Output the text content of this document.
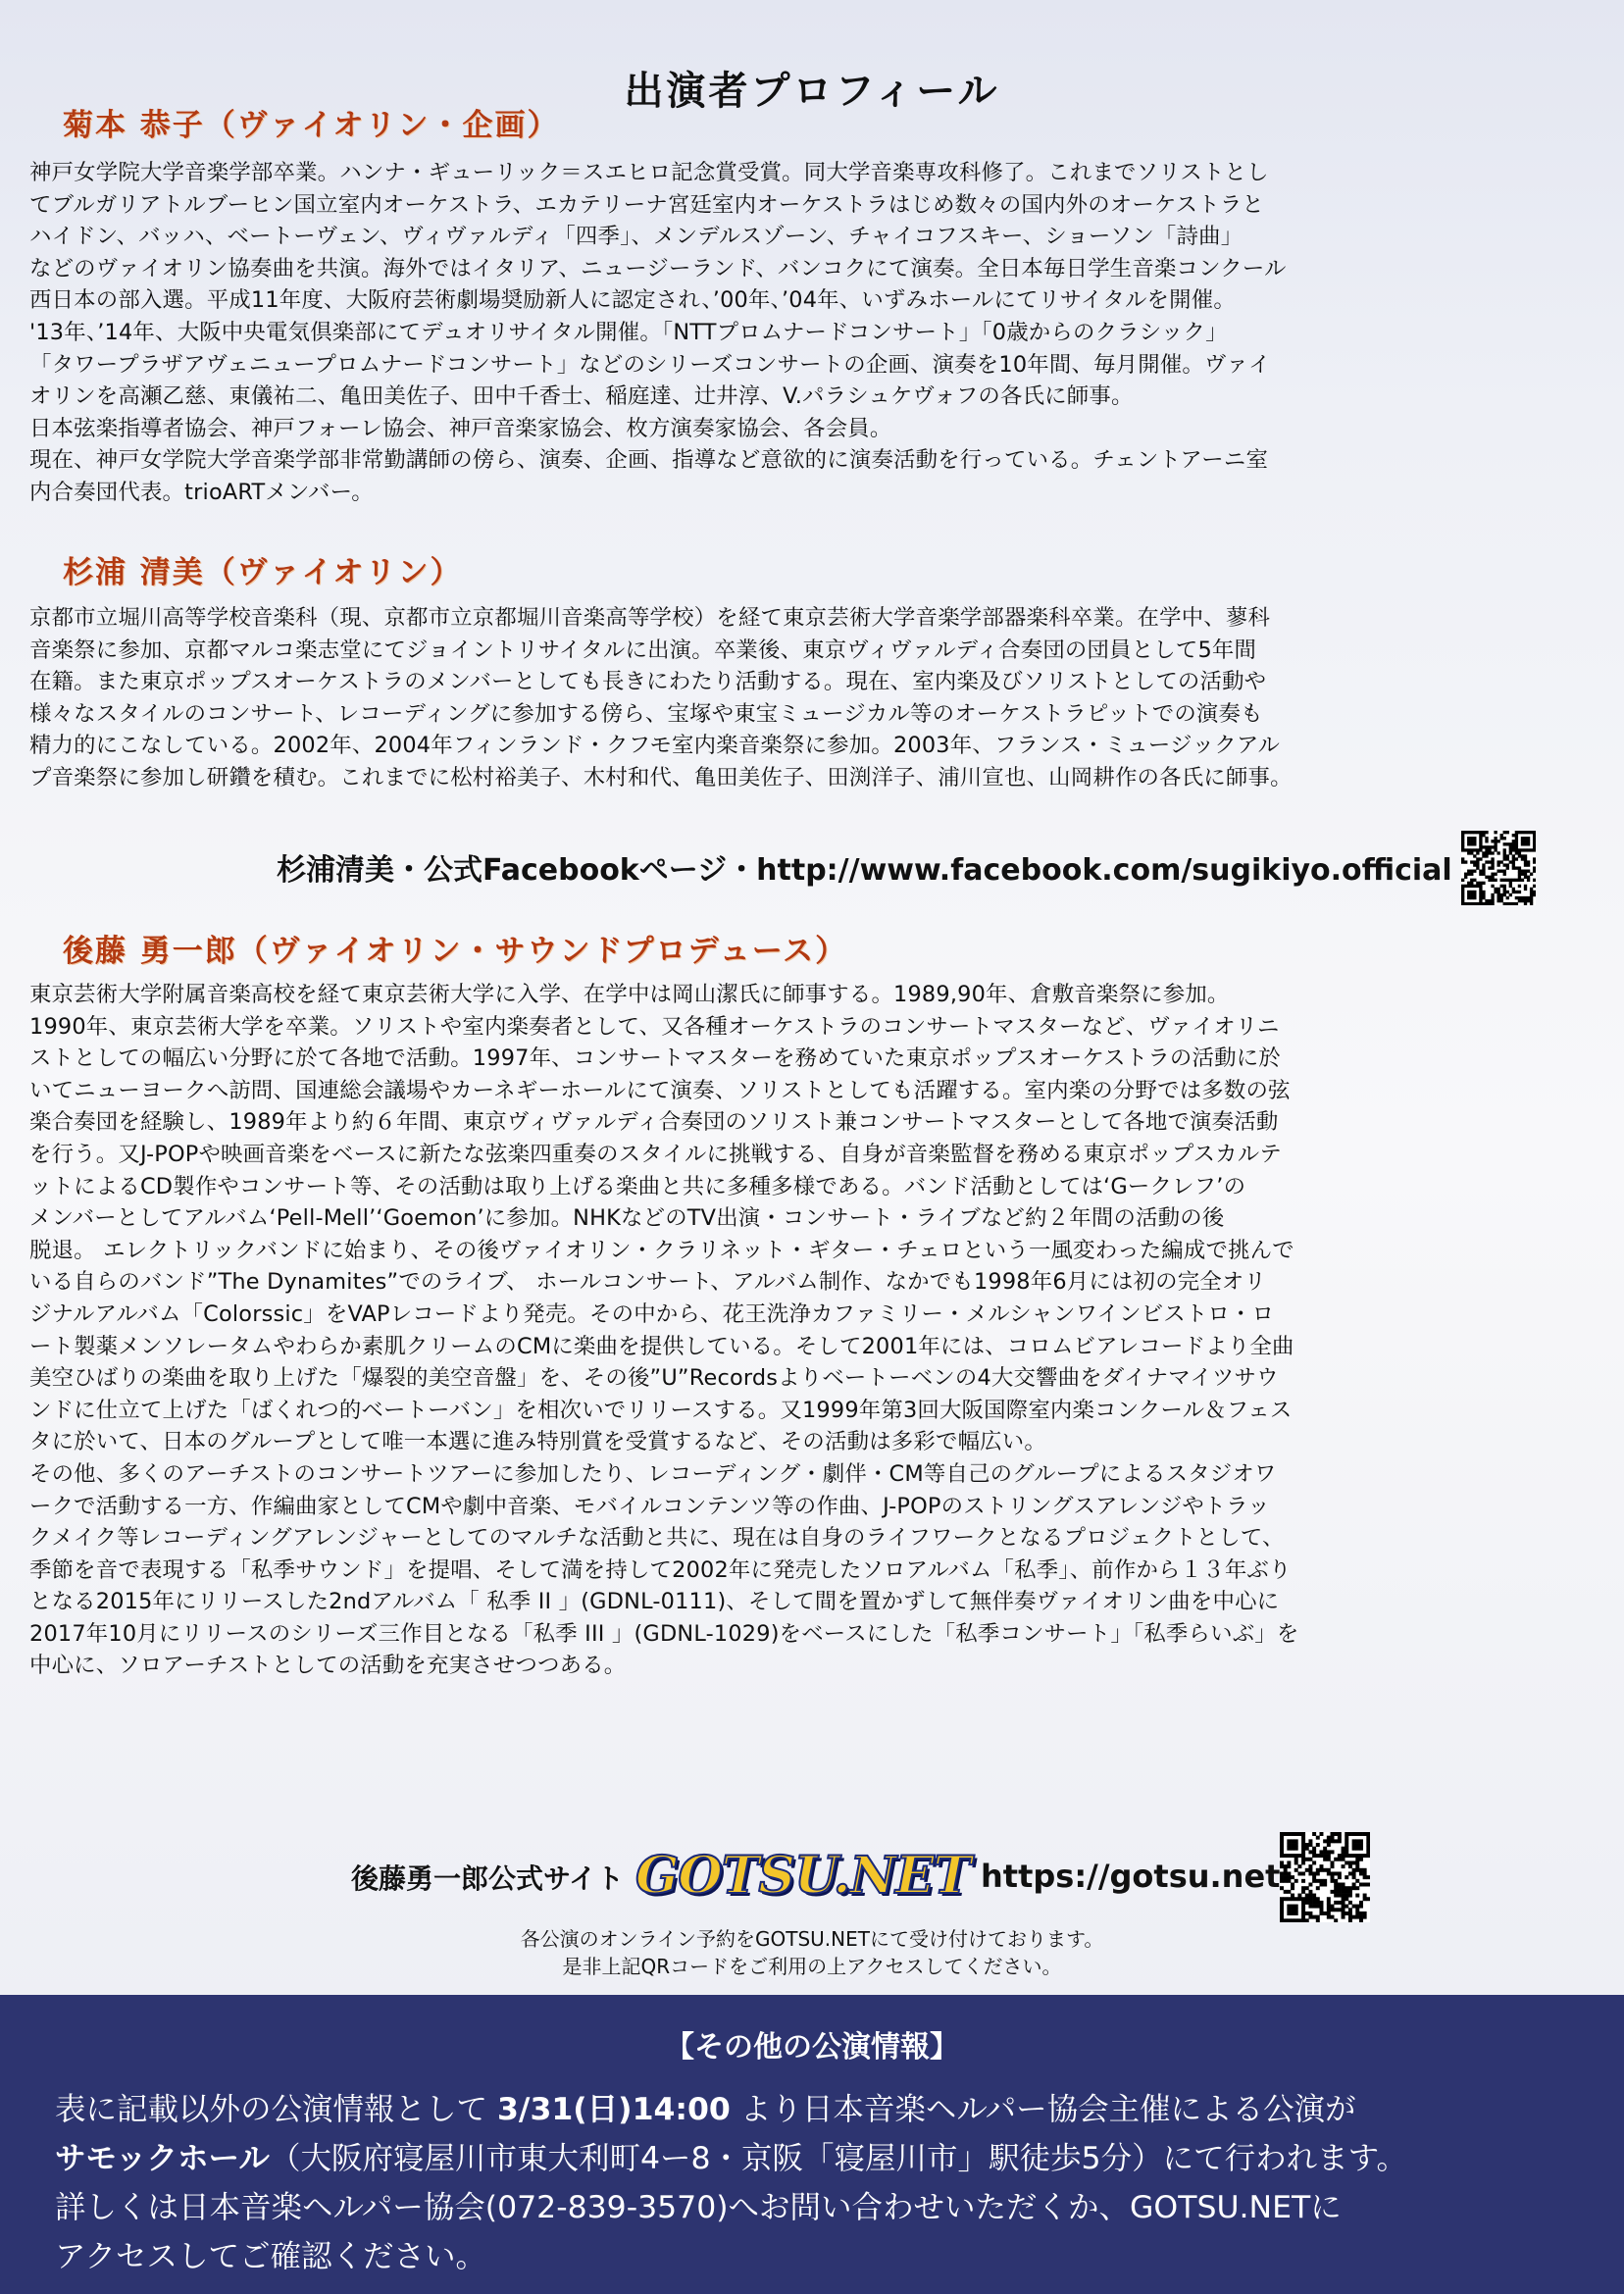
出演者プロフィール
菊本 恭子（ヴァイオリン・企画）

神戸女学院大学音楽学部卒業。ハンナ・ギューリック＝スエヒロ記念賞受賞。同大学音楽専攻科修了。これまでソリストとし
てブルガリアトルブーヒン国立室内オーケストラ、エカテリーナ宮廷室内オーケストラはじめ数々の国内外のオーケストラと
ハイドン、バッハ、ベートーヴェン、ヴィヴァルディ「四季」、メンデルスゾーン、チャイコフスキー、ショーソン「詩曲」
などのヴァイオリン協奏曲を共演。海外ではイタリア、ニュージーランド、バンコクにて演奏。全日本毎日学生音楽コンクール
西日本の部入選。平成11年度、大阪府芸術劇場奨励新人に認定され、’00年、’04年、いずみホールにてリサイタルを開催。
'13年、’14年、大阪中央電気倶楽部にてデュオリサイタル開催。「NTTプロムナードコンサート」「0歳からのクラシック」
「タワープラザアヴェニュープロムナードコンサート」などのシリーズコンサートの企画、演奏を10年間、毎月開催。ヴァイ
オリンを高瀬乙慈、東儀祐二、亀田美佐子、田中千香士、稲庭達、辻井淳、V.パラシュケヴォフの各氏に師事。
日本弦楽指導者協会、神戸フォーレ協会、神戸音楽家協会、枚方演奏家協会、各会員。
現在、神戸女学院大学音楽学部非常勤講師の傍ら、演奏、企画、指導など意欲的に演奏活動を行っている。チェントアーニ室
内合奏団代表。trioARTメンバー。

杉浦 清美（ヴァイオリン）

京都市立堀川高等学校音楽科（現、京都市立京都堀川音楽高等学校）を経て東京芸術大学音楽学部器楽科卒業。在学中、蓼科
音楽祭に参加、京都マルコ楽志堂にてジョイントリサイタルに出演。卒業後、東京ヴィヴァルディ合奏団の団員として5年間
在籍。また東京ポップスオーケストラのメンバーとしても長きにわたり活動する。現在、室内楽及びソリストとしての活動や
様々なスタイルのコンサート、レコーディングに参加する傍ら、宝塚や東宝ミュージカル等のオーケストラピットでの演奏も
精力的にこなしている。2002年、2004年フィンランド・クフモ室内楽音楽祭に参加。2003年、フランス・ミュージックアル
プ音楽祭に参加し研鑽を積む。これまでに松村裕美子、木村和代、亀田美佐子、田渕洋子、浦川宣也、山岡耕作の各氏に師事。

杉浦清美・公式Facebookページ・http://www.facebook.com/sugikiyo.official
後藤 勇一郎（ヴァイオリン・サウンドプロデュース）

東京芸術大学附属音楽高校を経て東京芸術大学に入学、在学中は岡山潔氏に師事する。1989,90年、倉敷音楽祭に参加。
1990年、東京芸術大学を卒業。ソリストや室内楽奏者として、又各種オーケストラのコンサートマスターなど、ヴァイオリニ
ストとしての幅広い分野に於て各地で活動。1997年、コンサートマスターを務めていた東京ポップスオーケストラの活動に於
いてニューヨークへ訪問、国連総会議場やカーネギーホールにて演奏、ソリストとしても活躍する。室内楽の分野では多数の弦
楽合奏団を経験し、1989年より約６年間、東京ヴィヴァルディ合奏団のソリスト兼コンサートマスターとして各地で演奏活動
を行う。又J-POPや映画音楽をベースに新たな弦楽四重奏のスタイルに挑戦する、自身が音楽監督を務める東京ポップスカルテ
ットによるCD製作やコンサート等、その活動は取り上げる楽曲と共に多種多様である。バンド活動としては‘Gークレフ’の
メンバーとしてアルバム‘Pell-Mell’‘Goemon’に参加。NHKなどのTV出演・コンサート・ライブなど約２年間の活動の後
脱退。 エレクトリックバンドに始まり、その後ヴァイオリン・クラリネット・ギター・チェロという一風変わった編成で挑んで
いる自らのバンド”The Dynamites”でのライブ、 ホールコンサート、アルバム制作、なかでも1998年6月には初の完全オリ
ジナルアルバム「Colorssic」をVAPレコードより発売。その中から、花王洗浄カファミリー・メルシャンワインビストロ・ロ
ート製薬メンソレータムやわらか素肌クリームのCMに楽曲を提供している。そして2001年には、コロムビアレコードより全曲
美空ひばりの楽曲を取り上げた「爆裂的美空音盤」を、その後”U”Recordsよりベートーベンの4大交響曲をダイナマイツサウ
ンドに仕立て上げた「ばくれつ的ベートーバン」を相次いでリリースする。又1999年第3回大阪国際室内楽コンクール＆フェス
タに於いて、日本のグループとして唯一本選に進み特別賞を受賞するなど、その活動は多彩で幅広い。
その他、多くのアーチストのコンサートツアーに参加したり、レコーディング・劇伴・CM等自己のグループによるスタジオワ
ークで活動する一方、作編曲家としてCMや劇中音楽、モバイルコンテンツ等の作曲、J-POPのストリングスアレンジやトラッ
クメイク等レコーディングアレンジャーとしてのマルチな活動と共に、現在は自身のライフワークとなるプロジェクトとして、
季節を音で表現する「私季サウンド」を提唱、そして満を持して2002年に発売したソロアルバム「私季」、前作から１３年ぶり
となる2015年にリリースした2ndアルバム「 私季 II 」(GDNL-0111)、そして間を置かずして無伴奏ヴァイオリン曲を中心に
2017年10月にリリースのシリーズ三作目となる「私季 III 」(GDNL-1029)をベースにした「私季コンサート」「私季らいぶ」を
中心に、ソロアーチストとしての活動を充実させつつある。

後藤勇一郎公式サイト GOTSU.NET https://gotsu.net
各公演のオンライン予約をGOTSU.NETにて受け付けております。
是非上記QRコードをご利用の上アクセスしてください。
【その他の公演情報】
表に記載以外の公演情報として 3/31(日)14:00 より日本音楽ヘルパー協会主催による公演が
サモックホール（大阪府寝屋川市東大利町4ー8・京阪「寝屋川市」駅徒歩5分）にて行われます。
詳しくは日本音楽ヘルパー協会(072-839-3570)へお問い合わせいただくか、GOTSU.NETに
アクセスしてご確認ください。
